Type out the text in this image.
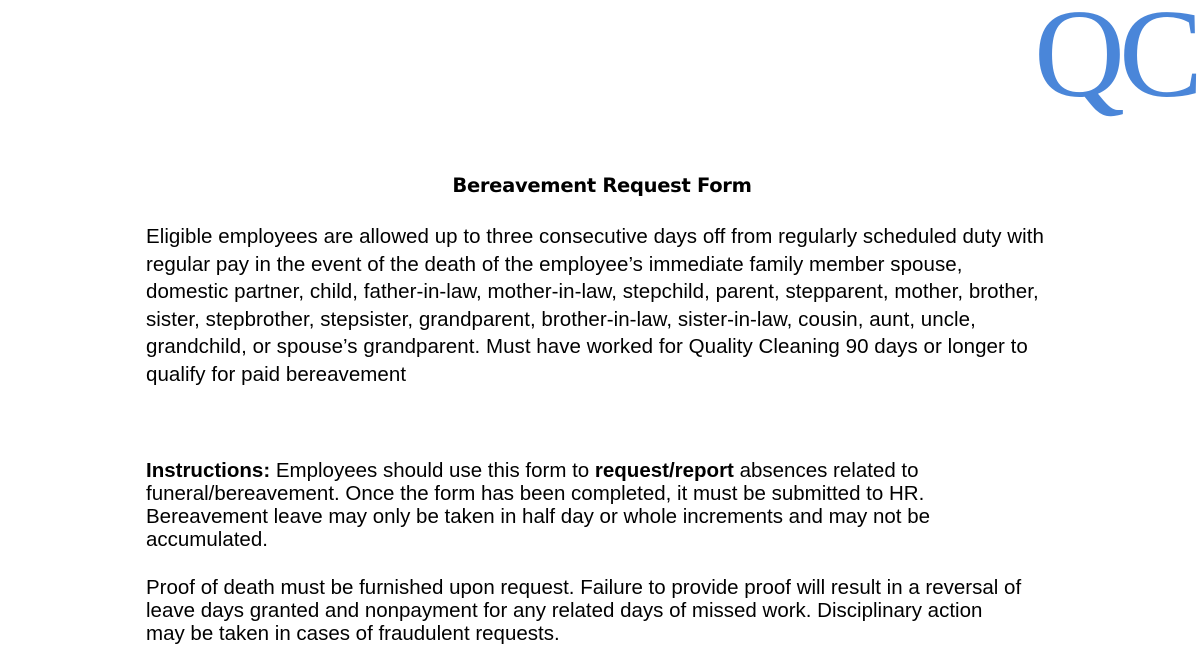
QC
Bereavement Request Form
Eligible employees are allowed up to three consecutive days off from regularly scheduled duty with regular pay in the event of the death of the employee’s immediate family member spouse, domestic partner, child, father-in-law, mother-in-law, stepchild, parent, stepparent, mother, brother, sister, stepbrother, stepsister, grandparent, brother-in-law, sister-in-law, cousin, aunt, uncle, grandchild, or spouse’s grandparent. Must have worked for Quality Cleaning 90 days or longer to qualify for paid bereavement
Instructions: Employees should use this form to request/report absences related to funeral/bereavement. Once the form has been completed, it must be submitted to HR. Bereavement leave may only be taken in half day or whole increments and may not be accumulated.
Proof of death must be furnished upon request. Failure to provide proof will result in a reversal of leave days granted and nonpayment for any related days of missed work. Disciplinary action may be taken in cases of fraudulent requests.
